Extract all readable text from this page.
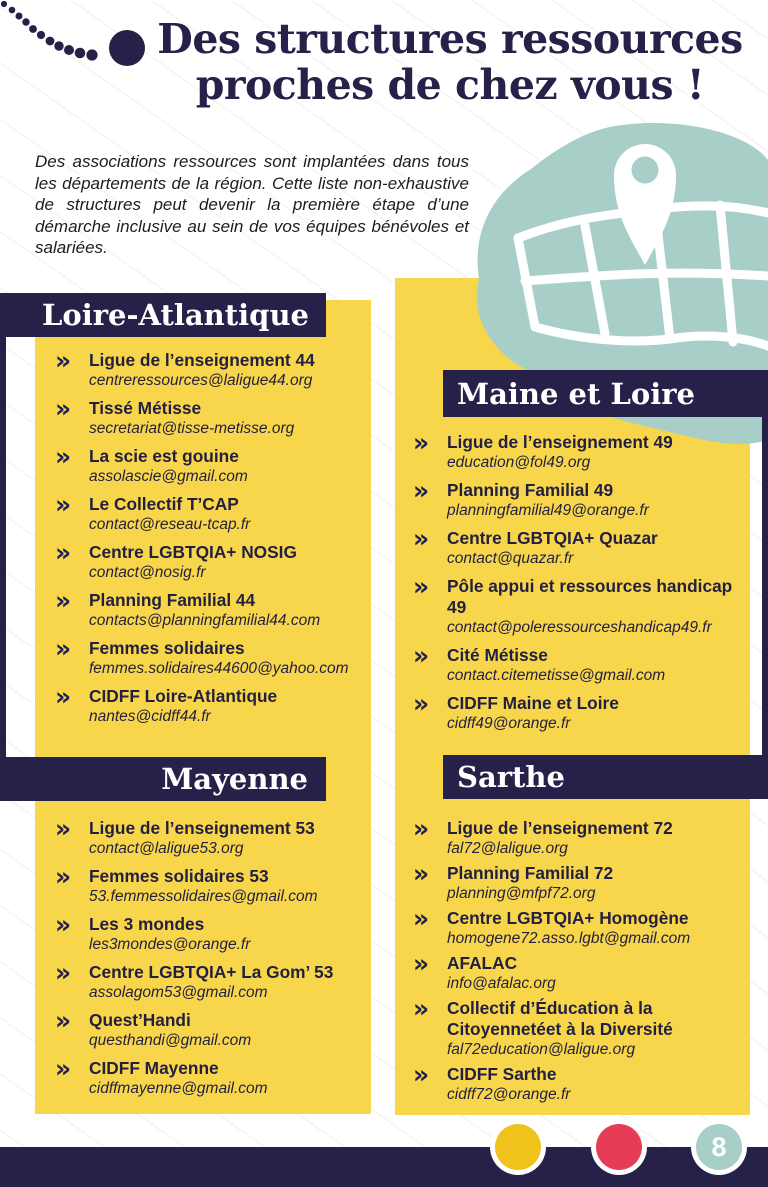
Des structures ressources
proches de chez vous !

Des associations ressources sont implantées dans tous les départements de la région. Cette liste non-exhaustive de structures peut devenir la première étape d’une démarche inclusive au sein de vos équipes bénévoles et salariées.

Loire-Atlantique
Maine et Loire
Mayenne	Sarthe
»	Ligue de l’enseignement 44
centreressources@laligue44.org
»	Tissé Métisse
secretariat@tisse-metisse.org
»	La scie est gouine
assolascie@gmail.com
»	Le Collectif T’CAP
contact@reseau-tcap.fr
»	Centre LGBTQIA+ NOSIG
contact@nosig.fr
»	Planning Familial 44
contacts@planningfamilial44.com
»	Femmes solidaires
femmes.solidaires44600@yahoo.com
»	CIDFF Loire-Atlantique
nantes@cidff44.fr
»	Ligue de l’enseignement 49
education@fol49.org
»	Planning Familial 49
planningfamilial49@orange.fr
»	Centre LGBTQIA+ Quazar
contact@quazar.fr
»	Pôle appui et ressources handicap 49
contact@poleressourceshandicap49.fr
»	Cité Métisse
contact.citemetisse@gmail.com
»	CIDFF Maine et Loire
cidff49@orange.fr
»	Ligue de l’enseignement 53
contact@laligue53.org
»	Femmes solidaires 53
53.femmessolidaires@gmail.com
»	Les 3 mondes
les3mondes@orange.fr
»	Centre LGBTQIA+ La Gom’ 53
assolagom53@gmail.com
»	Quest’Handi
questhandi@gmail.com
»	CIDFF Mayenne
cidffmayenne@gmail.com
»	Ligue de l’enseignement 72
fal72@laligue.org
»	Planning Familial 72
planning@mfpf72.org
»	Centre LGBTQIA+ Homogène
homogene72.asso.lgbt@gmail.com
»	AFALAC
info@afalac.org
»	Collectif d’Éducation à la Citoyennetéet à la Diversité
fal72education@laligue.org
»	CIDFF Sarthe
cidff72@orange.fr
8
